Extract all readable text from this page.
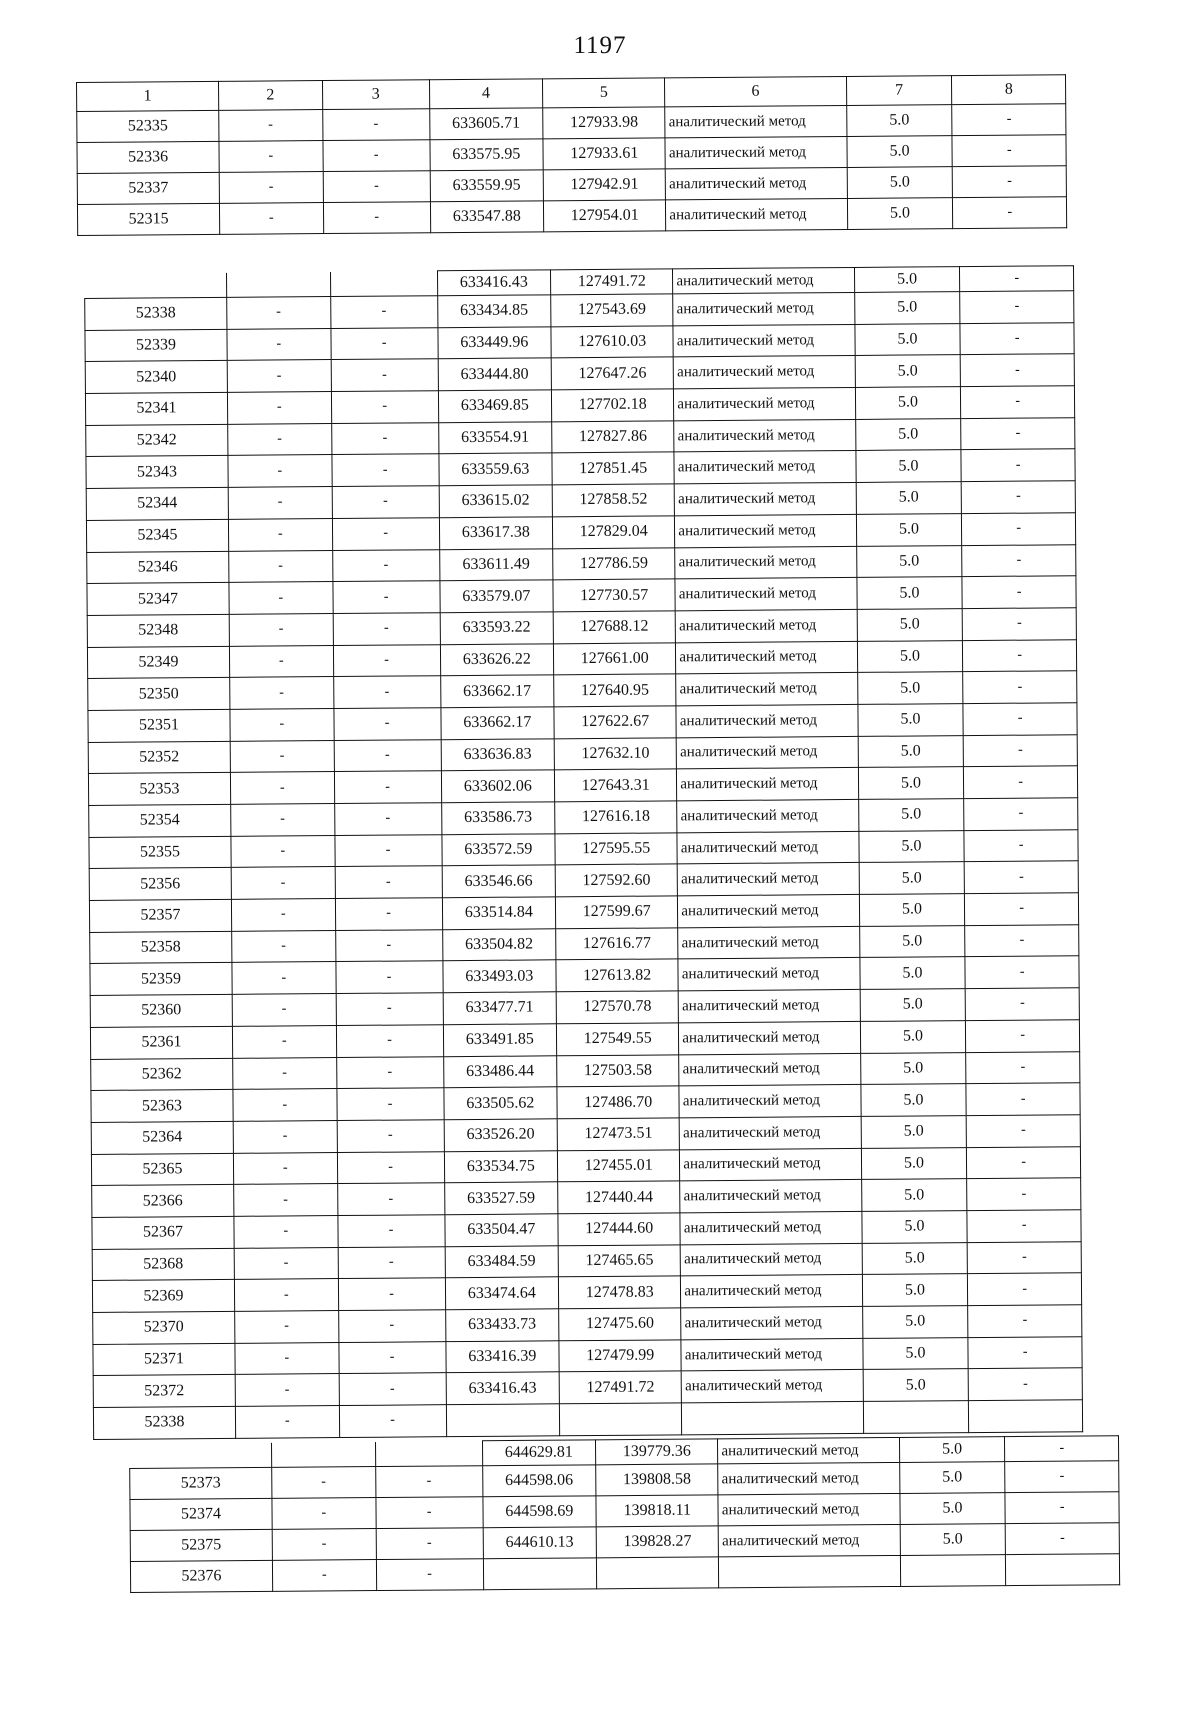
1197
1	2	3	4	5	6	7	8
52335	-	-	633605.71	127933.98	аналитический метод	5.0	-
52336	-	-	633575.95	127933.61	аналитический метод	5.0	-
52337	-	-	633559.95	127942.91	аналитический метод	5.0	-
52315	-	-	633547.88	127954.01	аналитический метод	5.0	-
			633416.43	127491.72	аналитический метод	5.0	-
52338	-	-	633434.85	127543.69	аналитический метод	5.0	-
52339	-	-	633449.96	127610.03	аналитический метод	5.0	-
52340	-	-	633444.80	127647.26	аналитический метод	5.0	-
52341	-	-	633469.85	127702.18	аналитический метод	5.0	-
52342	-	-	633554.91	127827.86	аналитический метод	5.0	-
52343	-	-	633559.63	127851.45	аналитический метод	5.0	-
52344	-	-	633615.02	127858.52	аналитический метод	5.0	-
52345	-	-	633617.38	127829.04	аналитический метод	5.0	-
52346	-	-	633611.49	127786.59	аналитический метод	5.0	-
52347	-	-	633579.07	127730.57	аналитический метод	5.0	-
52348	-	-	633593.22	127688.12	аналитический метод	5.0	-
52349	-	-	633626.22	127661.00	аналитический метод	5.0	-
52350	-	-	633662.17	127640.95	аналитический метод	5.0	-
52351	-	-	633662.17	127622.67	аналитический метод	5.0	-
52352	-	-	633636.83	127632.10	аналитический метод	5.0	-
52353	-	-	633602.06	127643.31	аналитический метод	5.0	-
52354	-	-	633586.73	127616.18	аналитический метод	5.0	-
52355	-	-	633572.59	127595.55	аналитический метод	5.0	-
52356	-	-	633546.66	127592.60	аналитический метод	5.0	-
52357	-	-	633514.84	127599.67	аналитический метод	5.0	-
52358	-	-	633504.82	127616.77	аналитический метод	5.0	-
52359	-	-	633493.03	127613.82	аналитический метод	5.0	-
52360	-	-	633477.71	127570.78	аналитический метод	5.0	-
52361	-	-	633491.85	127549.55	аналитический метод	5.0	-
52362	-	-	633486.44	127503.58	аналитический метод	5.0	-
52363	-	-	633505.62	127486.70	аналитический метод	5.0	-
52364	-	-	633526.20	127473.51	аналитический метод	5.0	-
52365	-	-	633534.75	127455.01	аналитический метод	5.0	-
52366	-	-	633527.59	127440.44	аналитический метод	5.0	-
52367	-	-	633504.47	127444.60	аналитический метод	5.0	-
52368	-	-	633484.59	127465.65	аналитический метод	5.0	-
52369	-	-	633474.64	127478.83	аналитический метод	5.0	-
52370	-	-	633433.73	127475.60	аналитический метод	5.0	-
52371	-	-	633416.39	127479.99	аналитический метод	5.0	-
52372	-	-	633416.43	127491.72	аналитический метод	5.0	-
52338	-	-					
			644629.81	139779.36	аналитический метод	5.0	-
52373	-	-	644598.06	139808.58	аналитический метод	5.0	-
52374	-	-	644598.69	139818.11	аналитический метод	5.0	-
52375	-	-	644610.13	139828.27	аналитический метод	5.0	-
52376	-	-					
